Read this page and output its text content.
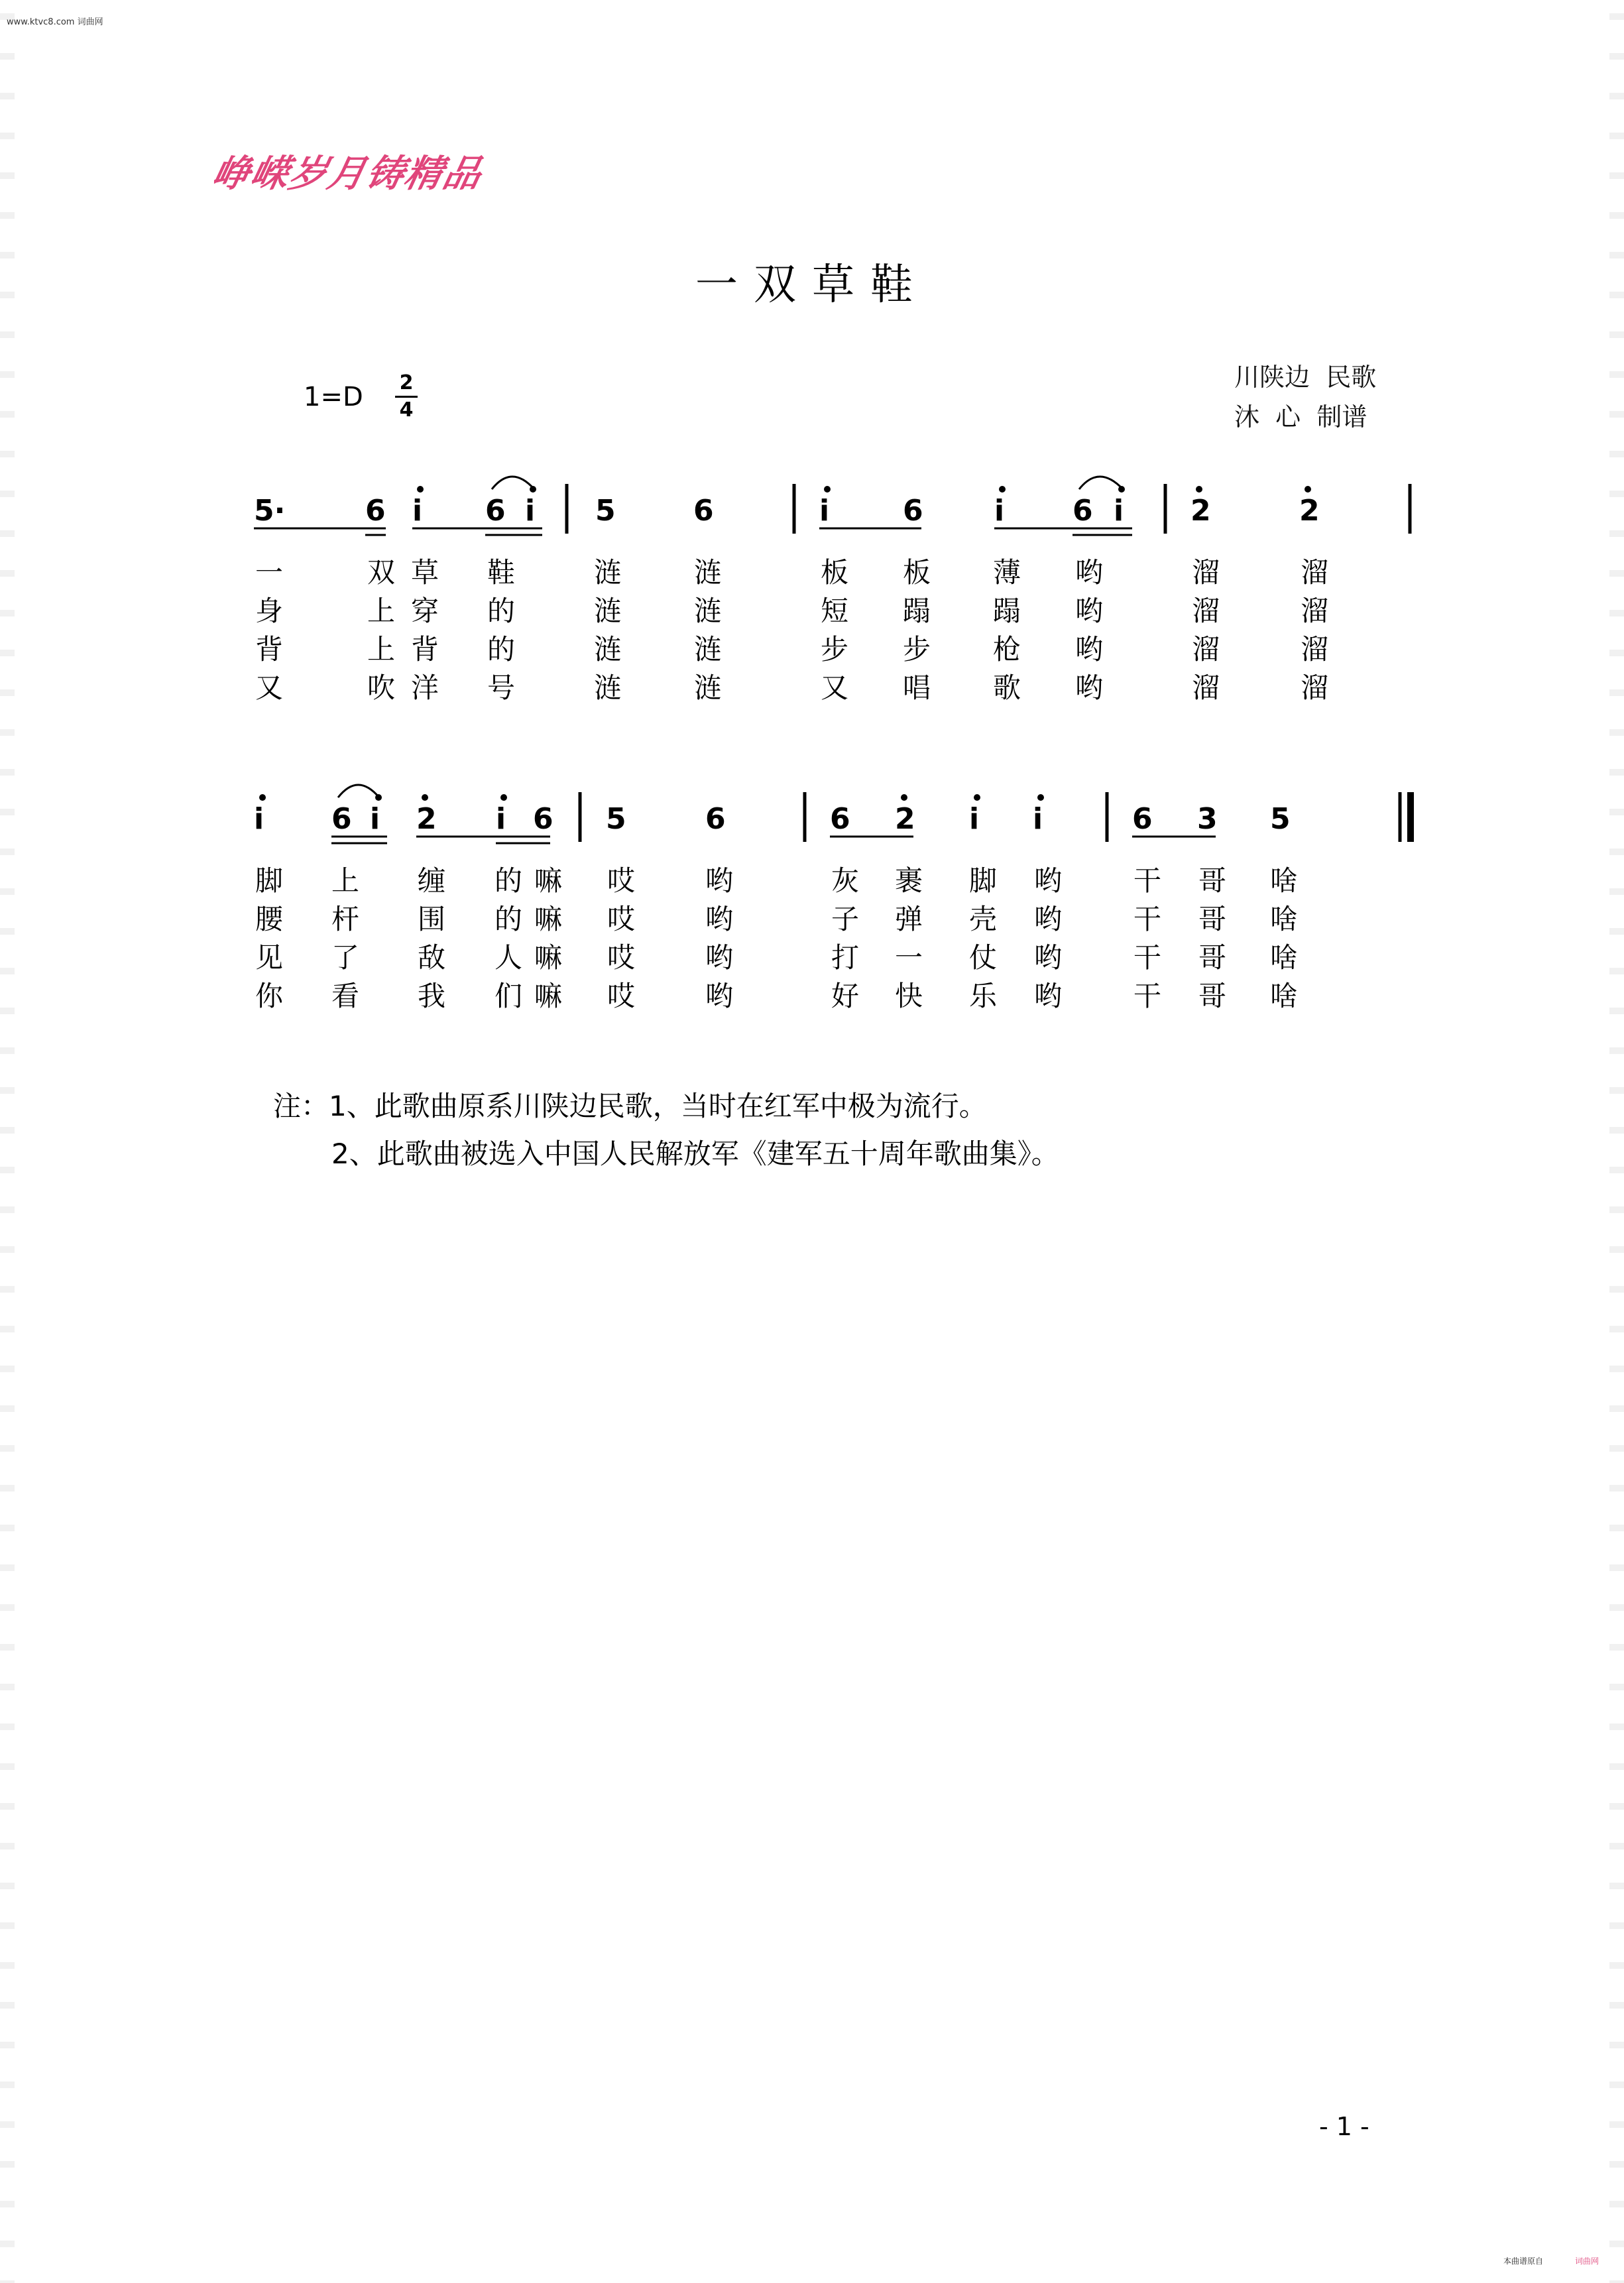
www.ktvc8.com 词曲网
峥嵘岁月铸精品
一双草鞋
1=D 2
4
川陕边 民歌
沐  心 制谱
5·	6 i 6 i 5	6	i	6 i 6 i 2	2
一	双 草 鞋	涟	涟	板 板 薄 哟	溜	溜
身	上 穿 的	涟	涟	短 蹋 蹋 哟	溜	溜
背	上 背 的	涟	涟	步 步 枪 哟	溜	溜
又	吹 洋 号	涟	涟	又 唱 歌 哟	溜	溜
i 6 i 2 i 6 5	6	6 2 i i	6 3 5
脚 上 缠 的 嘛 哎	哟	灰 裹 脚 哟	干 哥 啥
腰 杆 围 的 嘛 哎	哟	子 弹 壳 哟	干 哥 啥
见 了 敌 人 嘛 哎	哟	打 一 仗 哟	干 哥 啥
你 看 我 们 嘛 哎	哟	好 快 乐 哟	干 哥 啥
注：1、此歌曲原系川陕边民歌，当时在红军中极为流行。
2、此歌曲被选入中国人民解放军《建军五十周年歌曲集》。
- 1 -
本曲谱原自	词曲网
